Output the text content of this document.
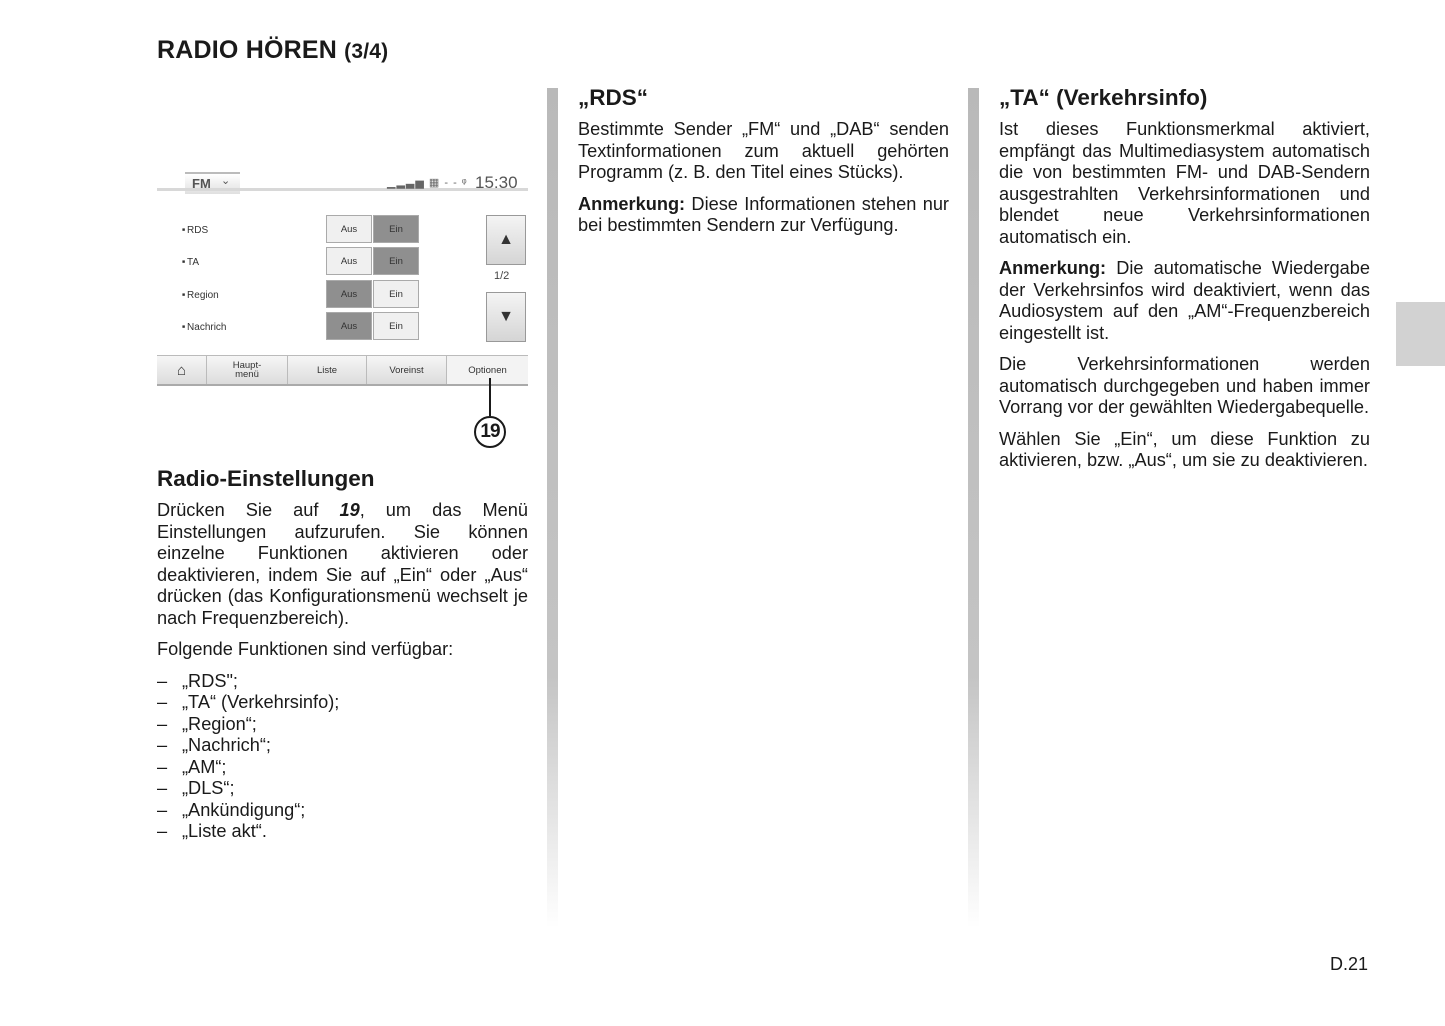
RADIO HÖREN (3/4)
FM ⌄	▁▂▃▅ ▦ - - ᵠ 15:30
■ RDS	Aus	Ein
■ TA	Aus	Ein
■ Region	Aus	Ein
■ Nachrich	Aus	Ein
▲
1/2
▼
⌂	Haupt-
menü	Liste	Voreinst	Optionen
19
Radio-Einstellungen

Drücken Sie auf 19, um das Menü Einstellungen aufzurufen. Sie können einzelne Funktionen aktivieren oder deaktivieren, indem Sie auf „Ein“ oder „Aus“ drücken (das Konfigurationsmenü wechselt je nach Frequenzbereich).

Folgende Funktionen sind verfügbar:

– „RDS";
– „TA“ (Verkehrsinfo);
– „Region“;
– „Nachrich“;
– „AM“;
– „DLS“;
– „Ankündigung“;
– „Liste akt“.
„RDS“

Bestimmte Sender „FM“ und „DAB“ senden Textinformationen zum aktuell gehörten Programm (z. B. den Titel eines Stücks).

Anmerkung: Diese Informationen stehen nur bei bestimmten Sendern zur Verfügung.

„TA“ (Verkehrsinfo)

Ist dieses Funktionsmerkmal aktiviert, empfängt das Multimediasystem automatisch die von bestimmten FM- und DAB-Sendern ausgestrahlten Verkehrsinformationen und blendet neue Verkehrsinformationen automatisch ein.

Anmerkung: Die automatische Wiedergabe der Verkehrsinfos wird deaktiviert, wenn das Audiosystem auf den „AM“-Frequenzbereich eingestellt ist.

Die Verkehrsinformationen werden automatisch durchgegeben und haben immer Vorrang vor der gewählten Wiedergabequelle.

Wählen Sie „Ein“, um diese Funktion zu aktivieren, bzw. „Aus“, um sie zu deaktivieren.

D.21
